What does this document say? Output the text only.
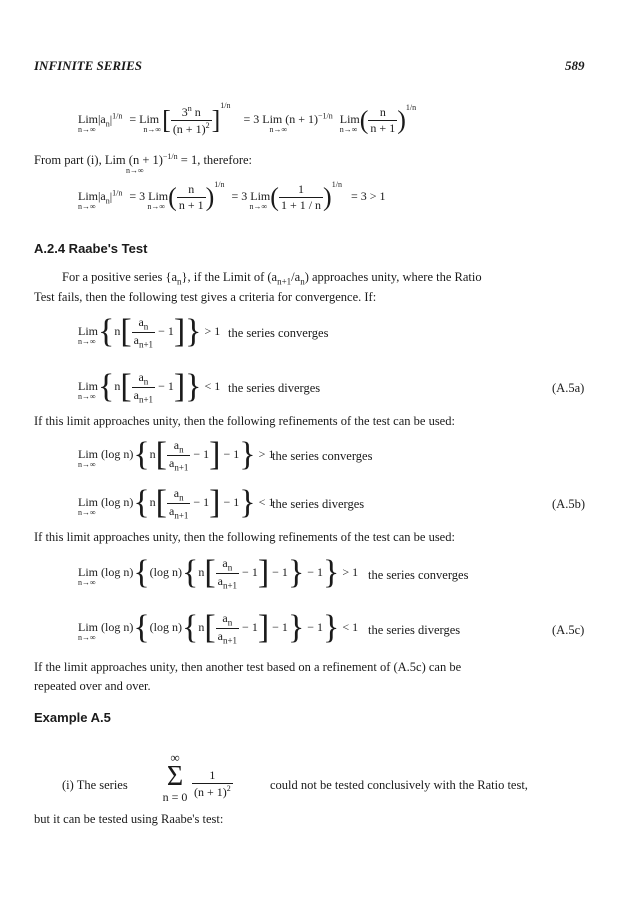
INFINITE SERIES	589
Lim|a
n→∞
$_n|^{1/n}$ = Lim
n→∞ [ $\frac{3^n n}{(n + 1)^2} ]^{1/n} = 3$ Lim (n + 1)
n→∞
$^{-1/n}$ Lim
n→∞ ( $\frac{n}{n + 1} )^{1/n}$
From part (i), Lim (n + 1)
n→∞
$^{-1/n}$ = 1, therefore:
Lim|a
n→∞
$_n|^{1/n} = 3$ Lim
n→∞ ( $\frac{n}{n + 1} )^{1/n} = 3$ Lim
n→∞ ( $\frac{1}{1 + 1 / n} )^{1/n} = 3 > 1$
A.2.4 Raabe's Test
For a positive series $\{a_n\}$, if the Limit of $(a_{n+1}/a_n)$ approaches unity, where the Ratio
Test fails, then the following test gives a criteria for convergence. If:
Lim
n→∞ $\{n[ \frac{a_n}{a_{n+1}} - 1]\} > 1$ the series converges
Lim
n→∞ $\{n[ \frac{a_n}{a_{n+1}} - 1]\} < 1$ the series diverges	(A.5a)
If this limit approaches unity, then the following refinements of the test can be used:
Lim (log n)
n→∞ $\{n[ \frac{a_n}{a_{n+1}} - 1] - 1\} > 1$
the series converges
Lim (log n)
n→∞ $\{n[ \frac{a_n}{a_{n+1}} - 1] - 1\} < 1$
the series diverges	(A.5b)
If this limit approaches unity, then the following refinements of the test can be used:
Lim (log n)
n→∞ {(log $n)\{n[ \frac{a_n}{a_{n+1}} - 1] - 1\} - 1\} > 1$ the series converges
Lim (log n)
n→∞ {(log $n)\{n[ \frac{a_n}{a_{n+1}} - 1] - 1\} - 1\} < 1$ the series diverges	(A.5c)
If the limit approaches unity, then another test based on a refinement of (A.5c) can be
repeated over and over.
Example A.5
(i) The series
∞
Σ
$n = 0 \frac{1}{(n + 1)^2}$	could not be tested conclusively with the Ratio test,
but it can be tested using Raabe's test:
